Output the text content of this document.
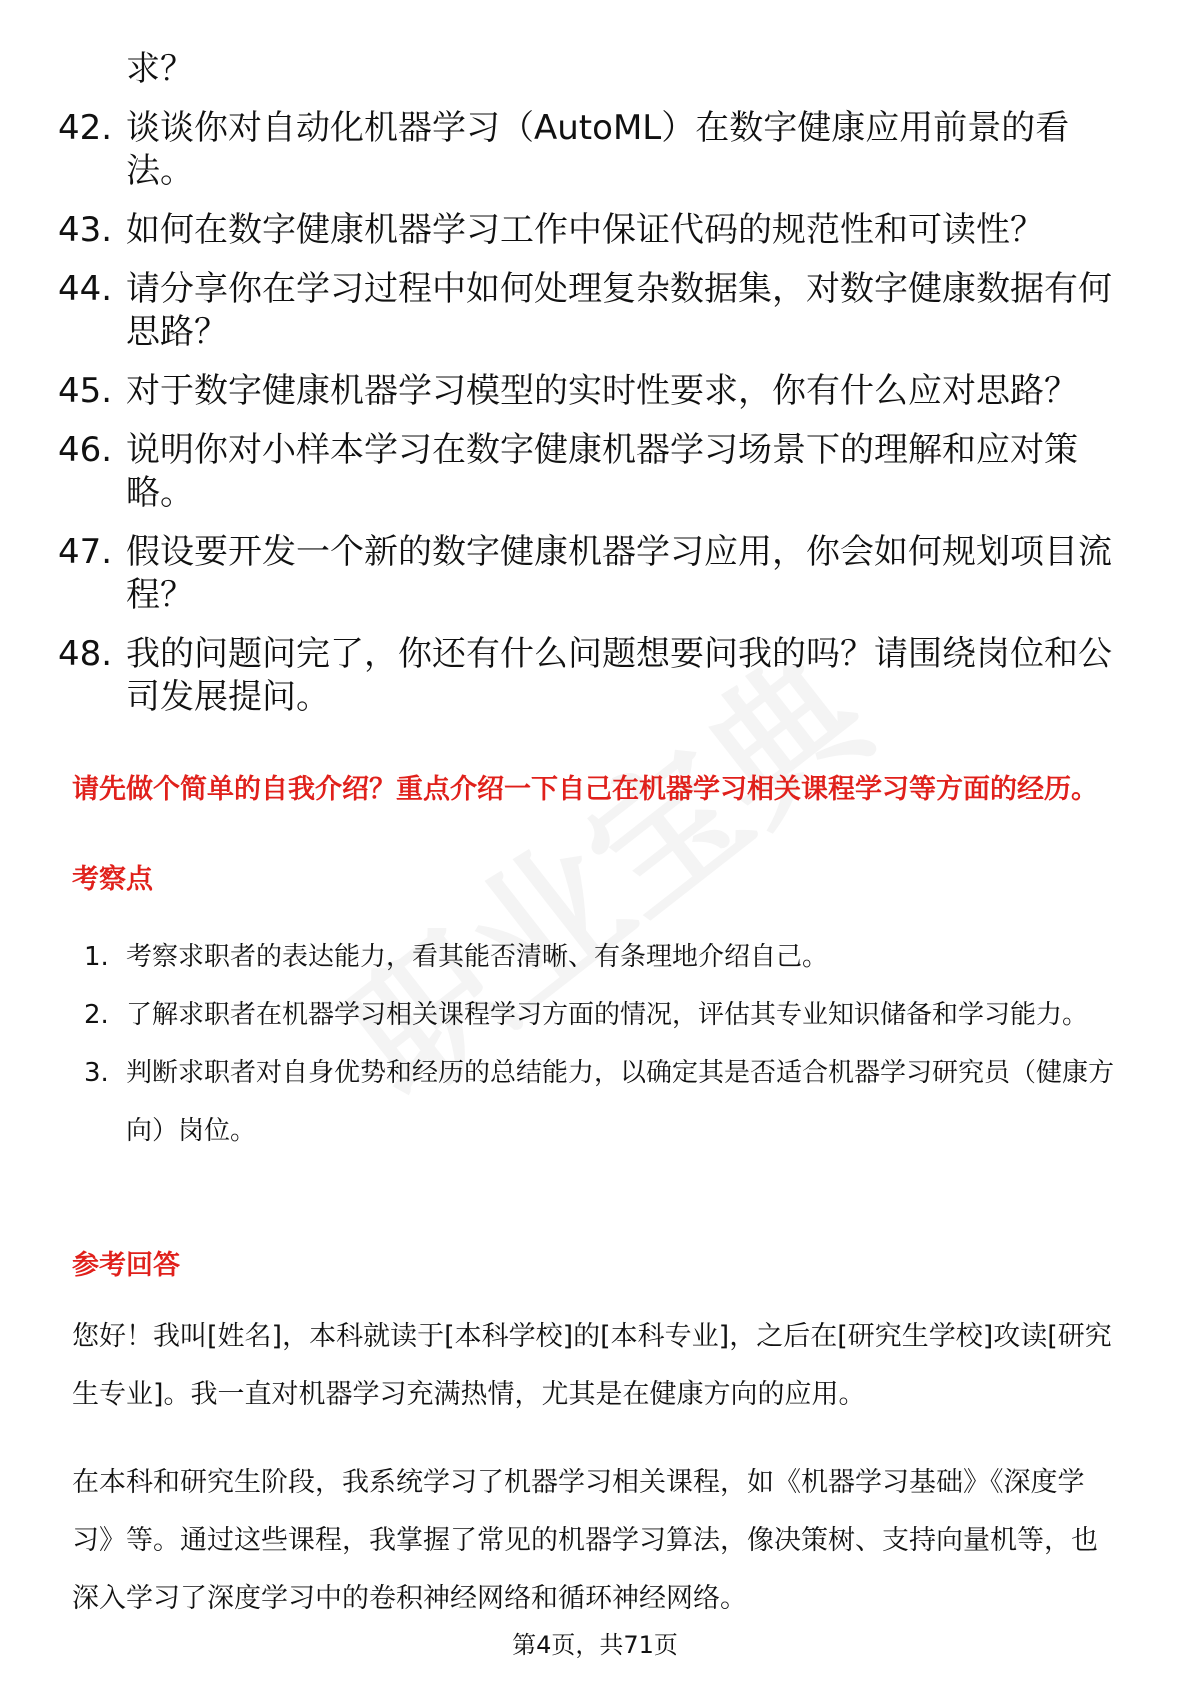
求？
42. 谈谈你对自动化机器学习（AutoML）在数字健康应用前景的看法。
43. 如何在数字健康机器学习工作中保证代码的规范性和可读性？
44. 请分享你在学习过程中如何处理复杂数据集，对数字健康数据有何思路？
45. 对于数字健康机器学习模型的实时性要求，你有什么应对思路？
46. 说明你对小样本学习在数字健康机器学习场景下的理解和应对策略。
47. 假设要开发一个新的数字健康机器学习应用，你会如何规划项目流程？
48. 我的问题问完了，你还有什么问题想要问我的吗？请围绕岗位和公司发展提问。
请先做个简单的自我介绍？重点介绍一下自己在机器学习相关课程学习等方面的经历。
考察点
1. 考察求职者的表达能力，看其能否清晰、有条理地介绍自己。
2. 了解求职者在机器学习相关课程学习方面的情况，评估其专业知识储备和学习能力。
3. 判断求职者对自身优势和经历的总结能力，以确定其是否适合机器学习研究员（健康方向）岗位。
参考回答
您好！我叫[姓名]，本科就读于[本科学校]的[本科专业]，之后在[研究生学校]攻读[研究生专业]。我一直对机器学习充满热情，尤其是在健康方向的应用。
在本科和研究生阶段，我系统学习了机器学习相关课程，如《机器学习基础》《深度学习》等。通过这些课程，我掌握了常见的机器学习算法，像决策树、支持向量机等，也深入学习了深度学习中的卷积神经网络和循环神经网络。
第4页，共71页
